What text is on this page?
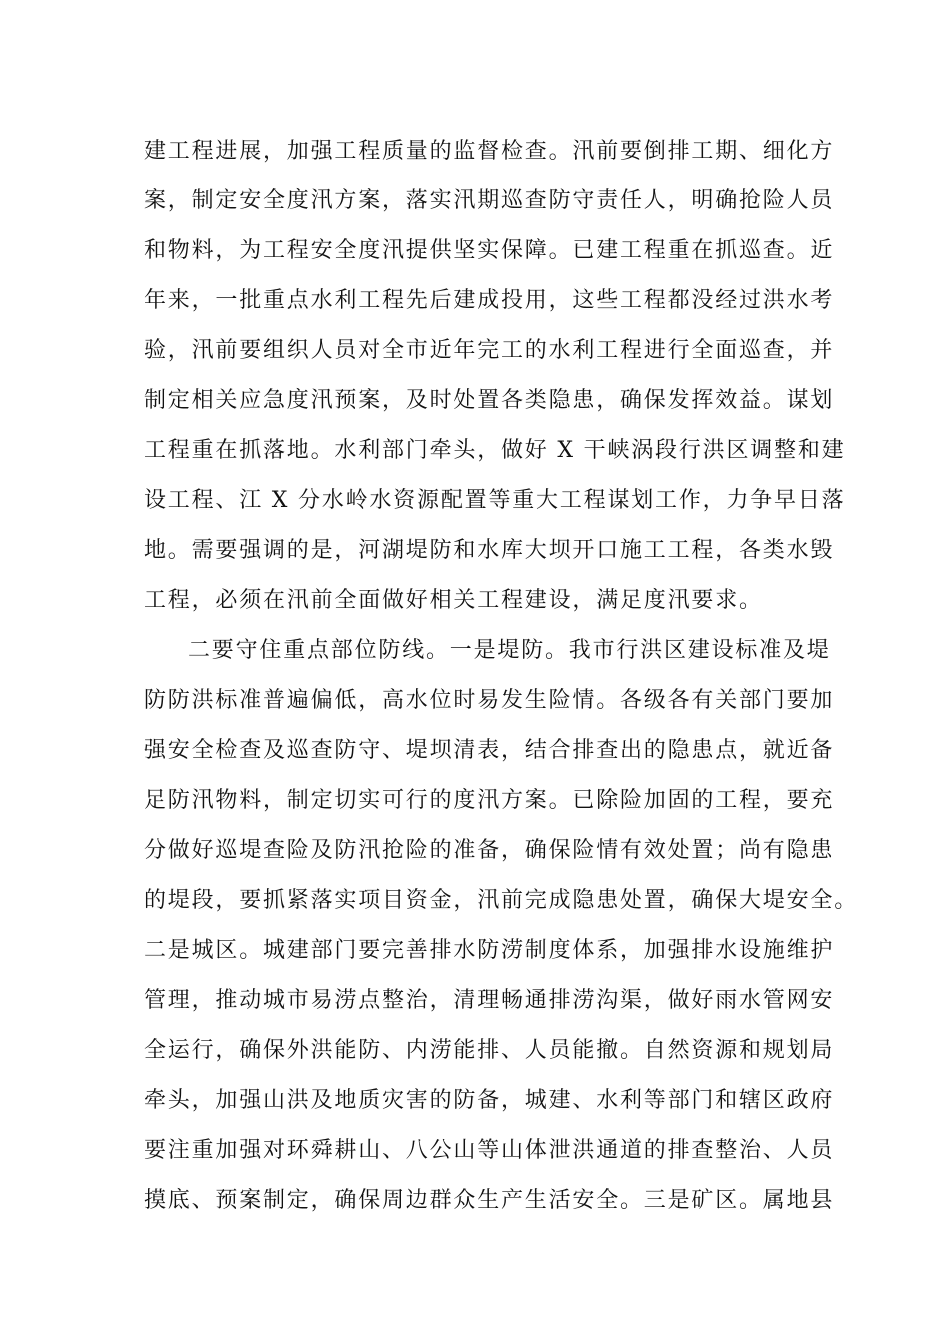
建工程进展，加强工程质量的监督检查。汛前要倒排工期、细化方
案，制定安全度汛方案，落实汛期巡查防守责任人，明确抢险人员
和物料，为工程安全度汛提供坚实保障。已建工程重在抓巡查。近
年来，一批重点水利工程先后建成投用，这些工程都没经过洪水考
验，汛前要组织人员对全市近年完工的水利工程进行全面巡查，并
制定相关应急度汛预案，及时处置各类隐患，确保发挥效益。谋划
工程重在抓落地。水利部门牵头，做好 X 干峡涡段行洪区调整和建
设工程、江 X 分水岭水资源配置等重大工程谋划工作，力争早日落
地。需要强调的是，河湖堤防和水库大坝开口施工工程，各类水毁
工程，必须在汛前全面做好相关工程建设，满足度汛要求。
二要守住重点部位防线。一是堤防。我市行洪区建设标准及堤
防防洪标准普遍偏低，高水位时易发生险情。各级各有关部门要加
强安全检查及巡查防守、堤坝清表，结合排查出的隐患点，就近备
足防汛物料，制定切实可行的度汛方案。已除险加固的工程，要充
分做好巡堤查险及防汛抢险的准备，确保险情有效处置；尚有隐患
的堤段，要抓紧落实项目资金，汛前完成隐患处置，确保大堤安全。
二是城区。城建部门要完善排水防涝制度体系，加强排水设施维护
管理，推动城市易涝点整治，清理畅通排涝沟渠，做好雨水管网安
全运行，确保外洪能防、内涝能排、人员能撤。自然资源和规划局
牵头，加强山洪及地质灾害的防备，城建、水利等部门和辖区政府
要注重加强对环舜耕山、八公山等山体泄洪通道的排查整治、人员
摸底、预案制定，确保周边群众生产生活安全。三是矿区。属地县
